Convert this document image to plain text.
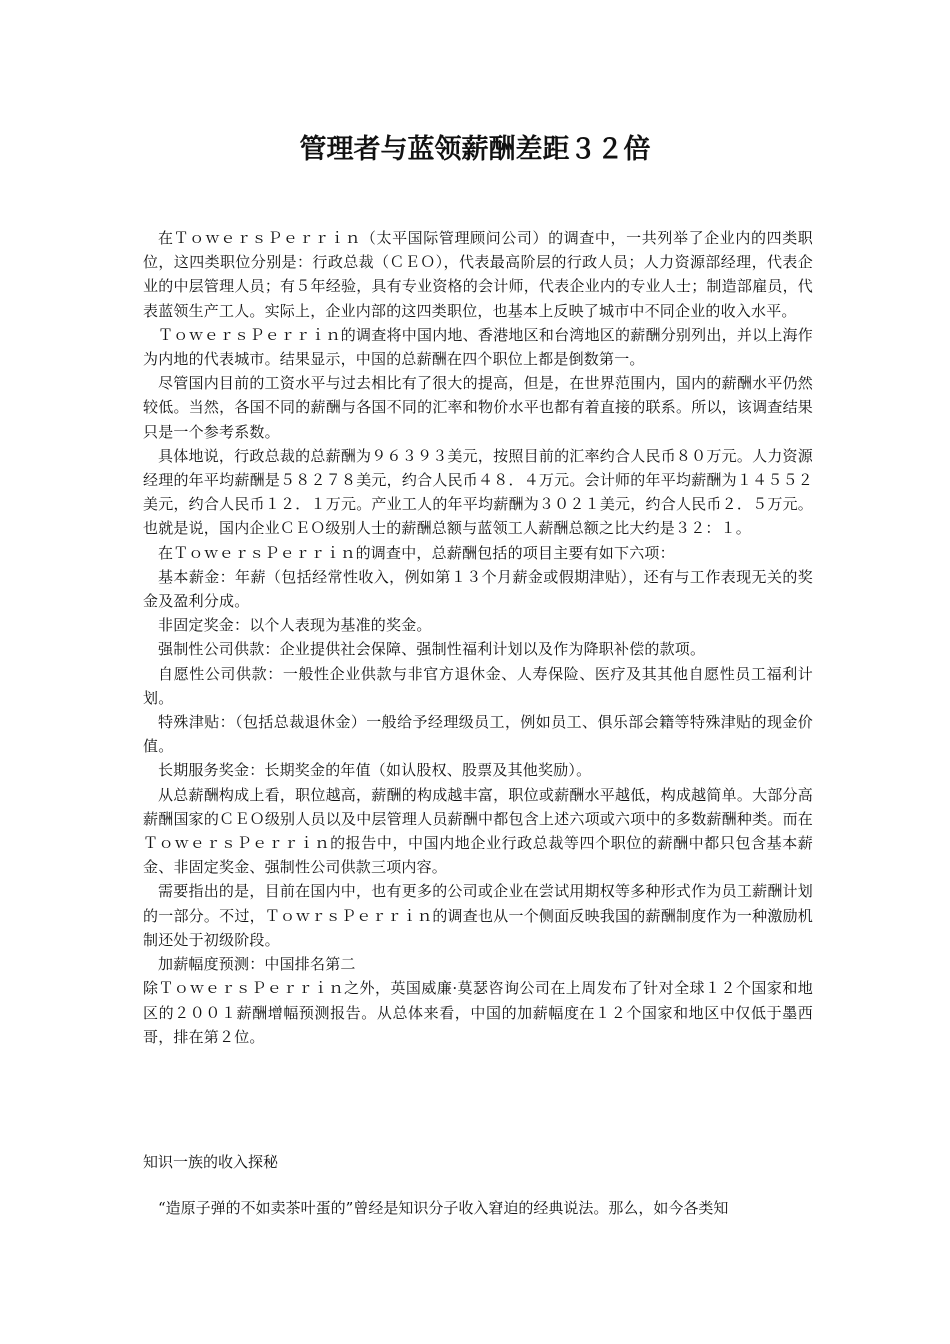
管理者与蓝领薪酬差距３２倍

在ＴｏｗｅｒｓＰｅｒｒｉｎ（太平国际管理顾问公司）的调查中，一共列举了企业内的四类职位，这四类职位分别是：行政总裁（ＣＥＯ），代表最高阶层的行政人员；人力资源部经理，代表企业的中层管理人员；有５年经验，具有专业资格的会计师，代表企业内的专业人士；制造部雇员，代表蓝领生产工人。实际上，企业内部的这四类职位，也基本上反映了城市中不同企业的收入水平。

ＴｏｗｅｒｓＰｅｒｒｉｎ的调查将中国内地、香港地区和台湾地区的薪酬分别列出，并以上海作为内地的代表城市。结果显示，中国的总薪酬在四个职位上都是倒数第一。

尽管国内目前的工资水平与过去相比有了很大的提高，但是，在世界范围内，国内的薪酬水平仍然较低。当然，各国不同的薪酬与各国不同的汇率和物价水平也都有着直接的联系。所以，该调查结果只是一个参考系数。

具体地说，行政总裁的总薪酬为９６３９３美元，按照目前的汇率约合人民币８０万元。人力资源经理的年平均薪酬是５８２７８美元，约合人民币４８．４万元。会计师的年平均薪酬为１４５５２美元，约合人民币１２．１万元。产业工人的年平均薪酬为３０２１美元，约合人民币２．５万元。也就是说，国内企业ＣＥＯ级别人士的薪酬总额与蓝领工人薪酬总额之比大约是３２：１。

在ＴｏｗｅｒｓＰｅｒｒｉｎ的调查中，总薪酬包括的项目主要有如下六项：

基本薪金：年薪（包括经常性收入，例如第１３个月薪金或假期津贴），还有与工作表现无关的奖金及盈利分成。

非固定奖金：以个人表现为基准的奖金。

强制性公司供款：企业提供社会保障、强制性福利计划以及作为降职补偿的款项。

自愿性公司供款：一般性企业供款与非官方退休金、人寿保险、医疗及其其他自愿性员工福利计划。

特殊津贴：（包括总裁退休金）一般给予经理级员工，例如员工、俱乐部会籍等特殊津贴的现金价值。

长期服务奖金：长期奖金的年值（如认股权、股票及其他奖励）。

从总薪酬构成上看，职位越高，薪酬的构成越丰富，职位或薪酬水平越低，构成越简单。大部分高薪酬国家的ＣＥＯ级别人员以及中层管理人员薪酬中都包含上述六项或六项中的多数薪酬种类。而在ＴｏｗｅｒｓＰｅｒｒｉｎ的报告中，中国内地企业行政总裁等四个职位的薪酬中都只包含基本薪金、非固定奖金、强制性公司供款三项内容。

需要指出的是，目前在国内中，也有更多的公司或企业在尝试用期权等多种形式作为员工薪酬计划的一部分。不过，ＴｏｗｒｓＰｅｒｒｉｎ的调查也从一个侧面反映我国的薪酬制度作为一种激励机制还处于初级阶段。

加薪幅度预测：中国排名第二

除ＴｏｗｅｒｓＰｅｒｒｉｎ之外，英国威廉·莫瑟咨询公司在上周发布了针对全球１２个国家和地区的２００１薪酬增幅预测报告。从总体来看，中国的加薪幅度在１２个国家和地区中仅低于墨西哥，排在第２位。

知识一族的收入探秘

“造原子弹的不如卖茶叶蛋的”曾经是知识分子收入窘迫的经典说法。那么，如今各类知
